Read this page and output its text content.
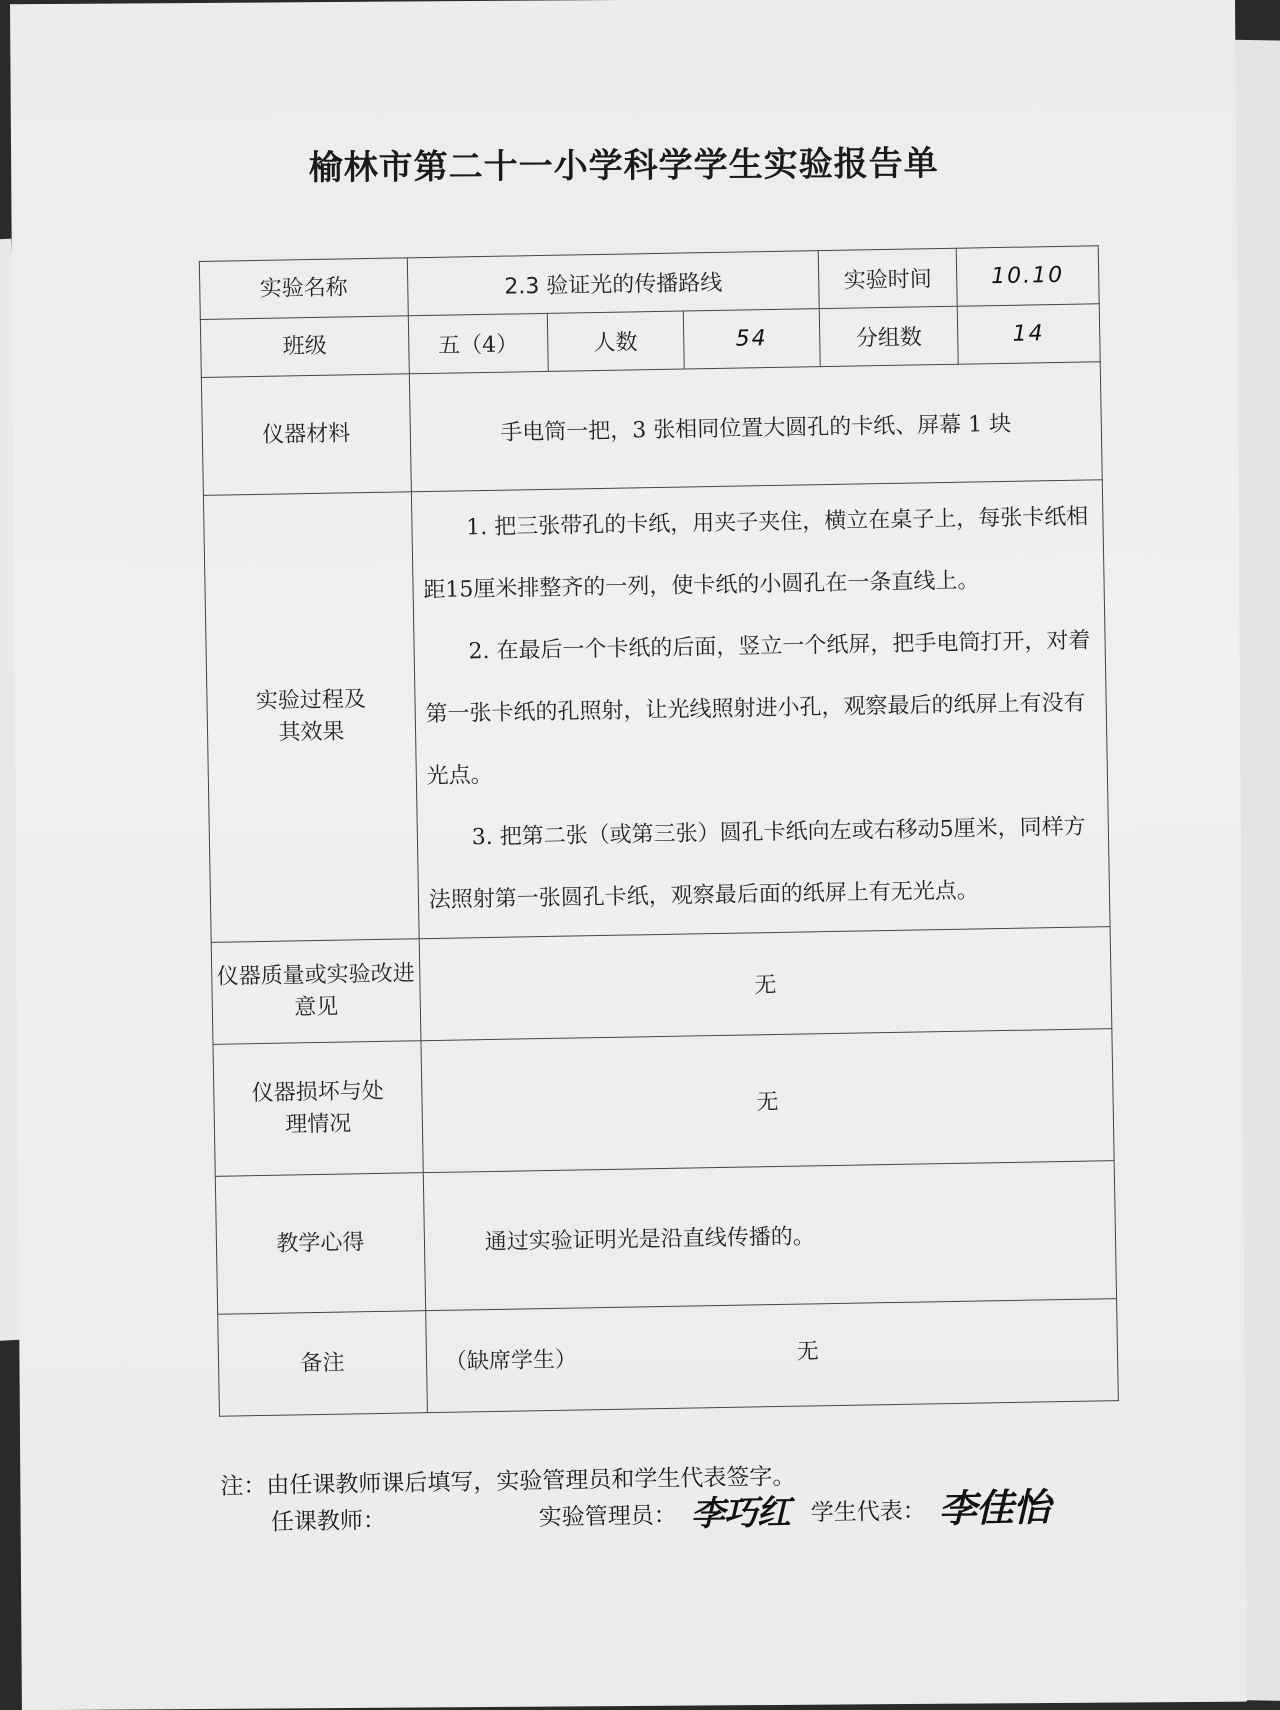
榆林市第二十一小学科学学生实验报告单
实验名称	2.3 验证光的传播路线			实验时间	10.10
班级	五（4）	人数	54	分组数	14
仪器材料	手电筒一把，3 张相同位置大圆孔的卡纸、屏幕 1 块				
实验过程及其效果	1. 把三张带孔的卡纸，用夹子夹住，横立在桌子上，每张卡纸相距15厘米排整齐的一列，使卡纸的小圆孔在一条直线上。

2. 在最后一个卡纸的后面，竖立一个纸屏，把手电筒打开，对着第一张卡纸的孔照射，让光线照射进小孔，观察最后的纸屏上有没有光点。

3. 把第二张（或第三张）圆孔卡纸向左或右移动5厘米，同样方法照射第一张圆孔卡纸，观察最后面的纸屏上有无光点。				

仪器质量或实验改进意见	无				
仪器损坏与处理情况	无				
教学心得	通过实验证明光是沿直线传播的。				
备注	（缺席学生） 无				
注：由任课教师课后填写，实验管理员和学生代表签字。
任课教师：	实验管理员： 李巧红 学生代表： 李佳怡
